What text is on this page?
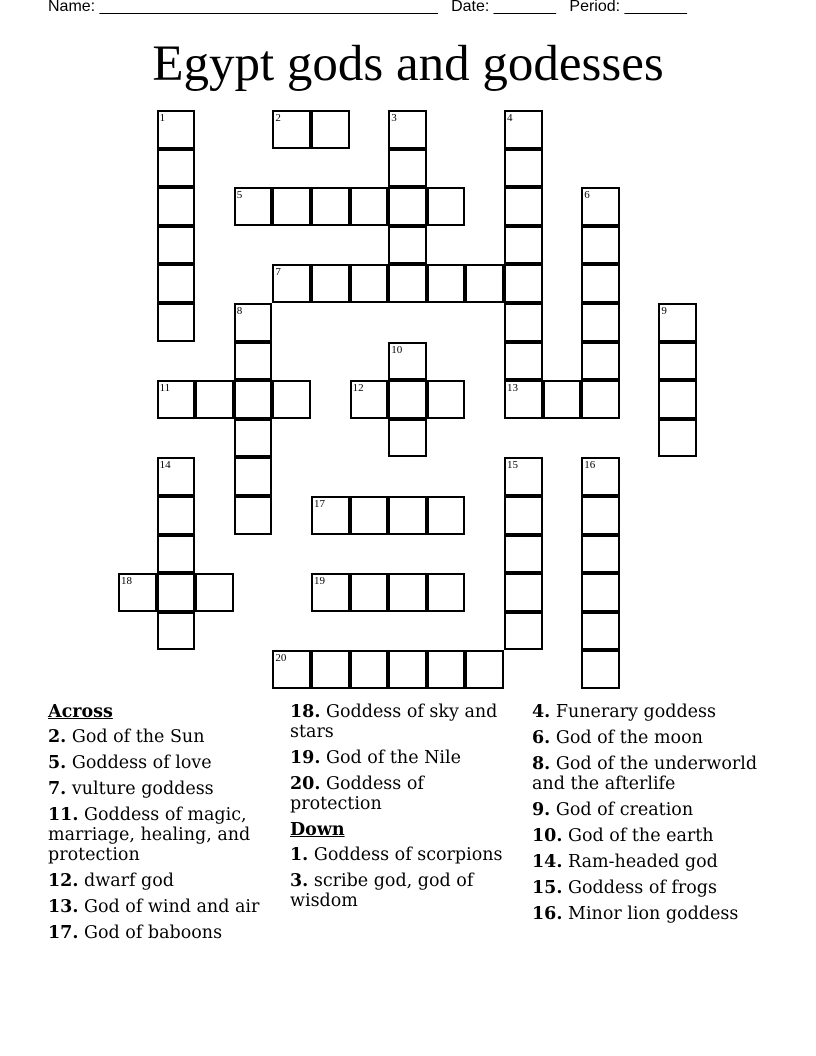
Name: ______________________________________ Date: _______ Period: _______
Egypt gods and godesses
1	2	3	4
13
5	6
7
8	9
10
11	12
14	15	16
17
18	19
20
Across
2. God of the Sun
5. Goddess of love
7. vulture goddess
11. Goddess of magic, marriage, healing, and protection
12. dwarf god
13. God of wind and air
17. God of baboons
18. Goddess of sky and stars
19. God of the Nile
20. Goddess of protection
Down
1. Goddess of scorpions
3. scribe god, god of wisdom
4. Funerary goddess
6. God of the moon
8. God of the underworld and the afterlife
9. God of creation
10. God of the earth
14. Ram-headed god
15. Goddess of frogs
16. Minor lion goddess
